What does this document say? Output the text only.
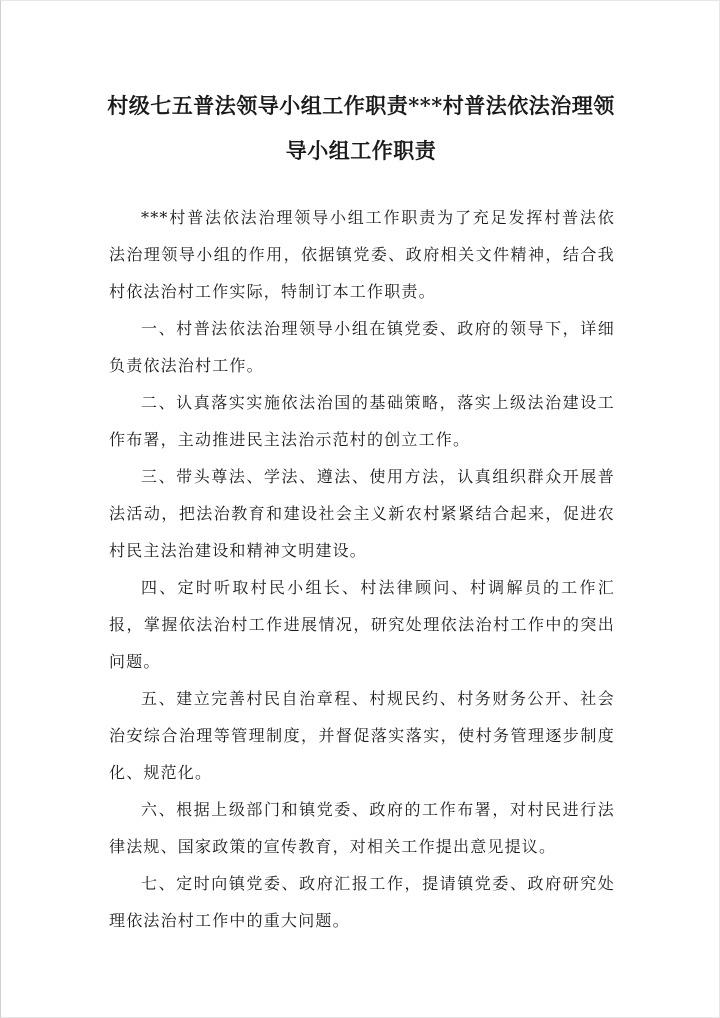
村级七五普法领导小组工作职责***村普法依法治理领导小组工作职责

***村普法依法治理领导小组工作职责为了充足发挥村普法依法治理领导小组的作用，依据镇党委、政府相关文件精神，结合我村依法治村工作实际，特制订本工作职责。

一、村普法依法治理领导小组在镇党委、政府的领导下，详细负责依法治村工作。

二、认真落实实施依法治国的基础策略，落实上级法治建设工作布署，主动推进民主法治示范村的创立工作。

三、带头尊法、学法、遵法、使用方法，认真组织群众开展普法活动，把法治教育和建设社会主义新农村紧紧结合起来，促进农村民主法治建设和精神文明建设。

四、定时听取村民小组长、村法律顾问、村调解员的工作汇报，掌握依法治村工作进展情况，研究处理依法治村工作中的突出问题。

五、建立完善村民自治章程、村规民约、村务财务公开、社会治安综合治理等管理制度，并督促落实落实，使村务管理逐步制度化、规范化。

六、根据上级部门和镇党委、政府的工作布署，对村民进行法律法规、国家政策的宣传教育，对相关工作提出意见提议。

七、定时向镇党委、政府汇报工作，提请镇党委、政府研究处理依法治村工作中的重大问题。
